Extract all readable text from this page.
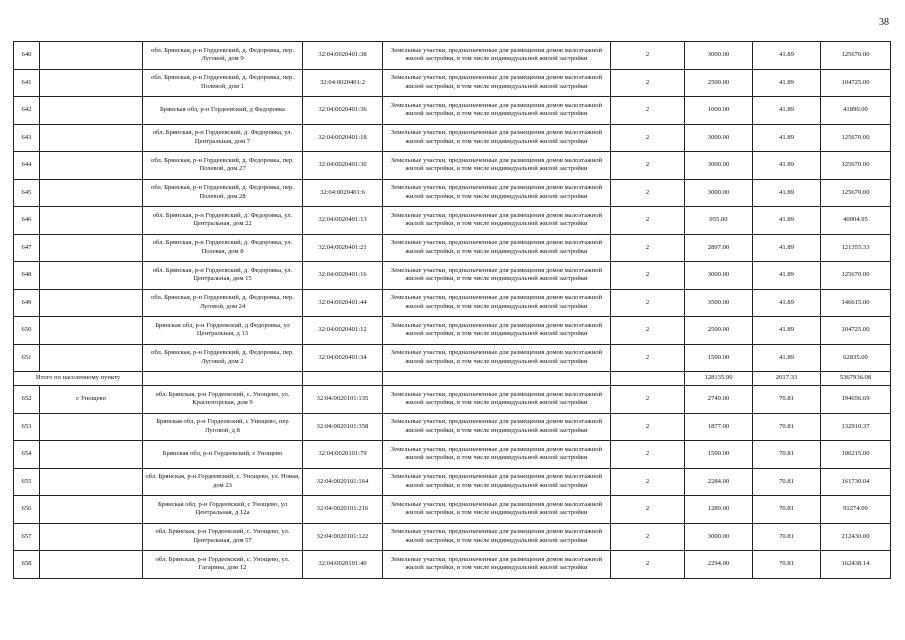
38
640		обл. Брянская, р-н Гордеевский, д. Федоровка, пер. Луговой, дом 9	32:04:0020401:38	Земельные участки, предназначенные для размещения домов малоэтажной жилой застройки, в том числе индивидуальной жилой застройки	2	3000.00	41.89	125670.00
641		обл. Брянская, р-н Гордеевский, д. Федоровка, пер. Полевой, дом 1	32:04:0020401:2	Земельные участки, предназначенные для размещения домов малоэтажной жилой застройки, в том числе индивидуальной жилой застройки	2	2500.00	41.89	104725.00
642		Брянская обл, р-н Гордеевский, д Федоровка	32:04:0020401:36	Земельные участки, предназначенные для размещения домов малоэтажной жилой застройки, в том числе индивидуальной жилой застройки	2	1000.00	41.89	41890.00
643		обл. Брянская, р-н Гордеевский, д. Федоровка, ул. Центральная, дом 7	32:04:0020401:18	Земельные участки, предназначенные для размещения домов малоэтажной жилой застройки, в том числе индивидуальной жилой застройки	2	3000.00	41.89	125670.00
644		обл. Брянская, р-н Гордеевский, д. Федоровка, пер. Полевой, дом 27	32:04:0020401:30	Земельные участки, предназначенные для размещения домов малоэтажной жилой застройки, в том числе индивидуальной жилой застройки	2	3000.00	41.89	125670.00
645		обл. Брянская, р-н Гордеевский, д. Федоровка, пер. Полевой, дом 28	32:04:0020401:6	Земельные участки, предназначенные для размещения домов малоэтажной жилой застройки, в том числе индивидуальной жилой застройки	2	3000.00	41.89	125670.00
646		обл. Брянская, р-н Гордеевский, д. Федоровка, ул. Центральная, дом 22	32:04:0020401:13	Земельные участки, предназначенные для размещения домов малоэтажной жилой застройки, в том числе индивидуальной жилой застройки	2	955.00	41.89	40004.95
647		обл. Брянская, р-н Гордеевский, д. Федоровка, ул. Полевая, дом 8	32:04:0020401:21	Земельные участки, предназначенные для размещения домов малоэтажной жилой застройки, в том числе индивидуальной жилой застройки	2	2897.00	41.89	121355.33
648		обл. Брянская, р-н Гордеевский, д. Федоровка, ул. Центральная, дом 15	32:04:0020401:16	Земельные участки, предназначенные для размещения домов малоэтажной жилой застройки, в том числе индивидуальной жилой застройки	2	3000.00	41.89	125670.00
649		обл. Брянская, р-н Гордеевский, д. Федоровка, пер. Луговой, дом 24	32:04:0020401:44	Земельные участки, предназначенные для размещения домов малоэтажной жилой застройки, в том числе индивидуальной жилой застройки	2	3500.00	41.89	146615.00
650		Брянская обл, р-н Гордеевский, д Федоровка, ул Центральная, д 13	32:04:0020401:12	Земельные участки, предназначенные для размещения домов малоэтажной жилой застройки, в том числе индивидуальной жилой застройки	2	2500.00	41.89	104725.00
651		обл. Брянская, р-н Гордеевский, д. Федоровка, пер. Луговой, дом 2	32:04:0020401:34	Земельные участки, предназначенные для размещения домов малоэтажной жилой застройки, в том числе индивидуальной жилой застройки	2	1500.00	41.89	62835.00
Итого по населенному пункту						128135.90	2017.33	5367936.08
652	с Унощево	обл. Брянская, р-н Гордеевский, с. Унощево, ул. Красногорская, дом 9	32:04:0020101:135	Земельные участки, предназначенные для размещения домов малоэтажной жилой застройки, в том числе индивидуальной жилой застройки	2	2749.00	70.81	194656.69
653		Брянская обл, р-н Гордеевский, с Унощево, пер Луговой, д 8	32:04:0020101:358	Земельные участки, предназначенные для размещения домов малоэтажной жилой застройки, в том числе индивидуальной жилой застройки	2	1877.00	70.81	132910.37
654		Брянская обл, р-н Гордеевский, с Унощево	32:04:0020101:79	Земельные участки, предназначенные для размещения домов малоэтажной жилой застройки, в том числе индивидуальной жилой застройки	2	1500.00	70.81	106215.00
655		обл. Брянская, р-н Гордеевский, с. Унощево, ул. Новая, дом 23	32:04:0020101:164	Земельные участки, предназначенные для размещения домов малоэтажной жилой застройки, в том числе индивидуальной жилой застройки	2	2284.00	70.81	161730.04
656		Брянская обл, р-н Гордеевский, с Унощево, ул Центральная, д 12а	32:04:0020101:216	Земельные участки, предназначенные для размещения домов малоэтажной жилой застройки, в том числе индивидуальной жилой застройки	2	1289.00	70.81	91274.09
657		обл. Брянская, р-н Гордеевский, с. Унощево, ул. Центральная, дом 57	32:04:0020101:122	Земельные участки, предназначенные для размещения домов малоэтажной жилой застройки, в том числе индивидуальной жилой застройки	2	3000.00	70.81	212430.00
658		обл. Брянская, р-н Гордеевский, с. Унощево, ул. Гагарина, дом 12	32:04:0020101:40	Земельные участки, предназначенные для размещения домов малоэтажной жилой застройки, в том числе индивидуальной жилой застройки	2	2294.00	70.81	162438.14
